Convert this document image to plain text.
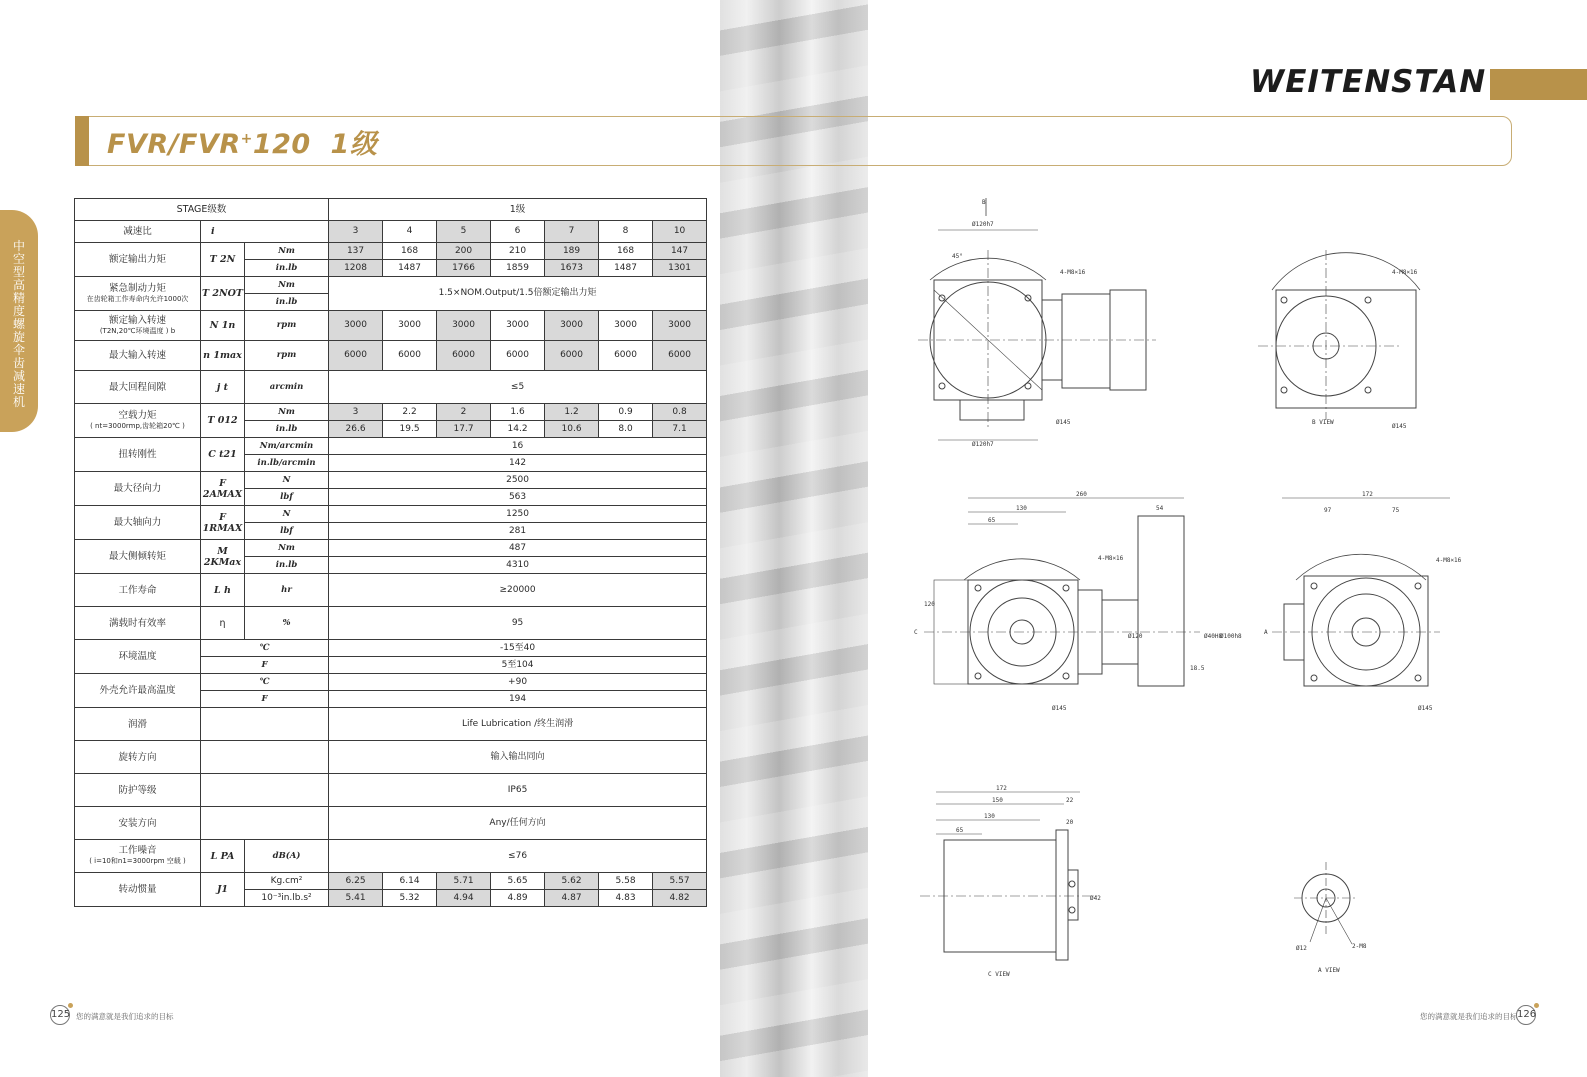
中空型高精度螺旋伞齿减速机
WEITENSTAN
FVR/FVR+120 1级
STAGE级数			1级						
减速比	i		3	4	5	6	7	8	10
额定输出力矩	T 2N	Nm	137	168	200	210	189	168	147
		in.lb	1208	1487	1766	1859	1673	1487	1301
紧急制动力矩
在齿轮箱工作寿命内允许1000次	T 2NOT	Nm	1.5×NOM.Output/1.5倍额定输出力矩						
		in.lb							
额定输入转速
(T2N,20℃环境温度 ) b	N 1n	rpm	3000	3000	3000	3000	3000	3000	3000
最大输入转速	n 1max	rpm	6000	6000	6000	6000	6000	6000	6000
最大回程间隙	j t	arcmin	≤5						
空载力矩
( nt=3000rmp,齿轮箱20℃ )	T 012	Nm	3	2.2	2	1.6	1.2	0.9	0.8
		in.lb	26.6	19.5	17.7	14.2	10.6	8.0	7.1
扭转刚性	C t21	Nm/arcmin	16						
		in.lb/arcmin	142						
最大径向力	F 2AMAX	N	2500						
		lbf	563						
最大轴向力	F 1RMAX	N	1250						
		lbf	281						
最大侧倾转矩	M 2KMax	Nm	487						
		in.lb	4310						
工作寿命	L h	hr	≥20000						
满载时有效率	η	%	95						
环境温度	℃		-15至40						
	F		5至104						
外壳允许最高温度	℃		+90						
	F		194						
润滑			Life Lubrication /终生润滑						
旋转方向			输入输出同向						
防护等级			IP65						
安装方向			Any/任何方向						
工作噪音
( i=10和n1=3000rpm 空载 )	L PA	dB(A)	≤76						
转动惯量	J1	Kg.cm²	6.25	6.14	5.71	5.65	5.62	5.58	5.57
		10⁻³in.lb.s²	5.41	5.32	4.94	4.89	4.87	4.83	4.82
B
Ø120h7
Ø120h7
45°
4-M8×16
Ø145	B VIEW
Ø145
4-M8×16
260
130
65
54
Ø120	Ø40H8
Ø100h8
18.5
C
120
4-M8×16
Ø145
172
97	75
A
4-M8×16
Ø145
172
150	22
130
20
65
Ø42
C VIEW
Ø12	2-M8
A VIEW
125 您的满意就是我们追求的目标	您的满意就是我们追求的目标 126
